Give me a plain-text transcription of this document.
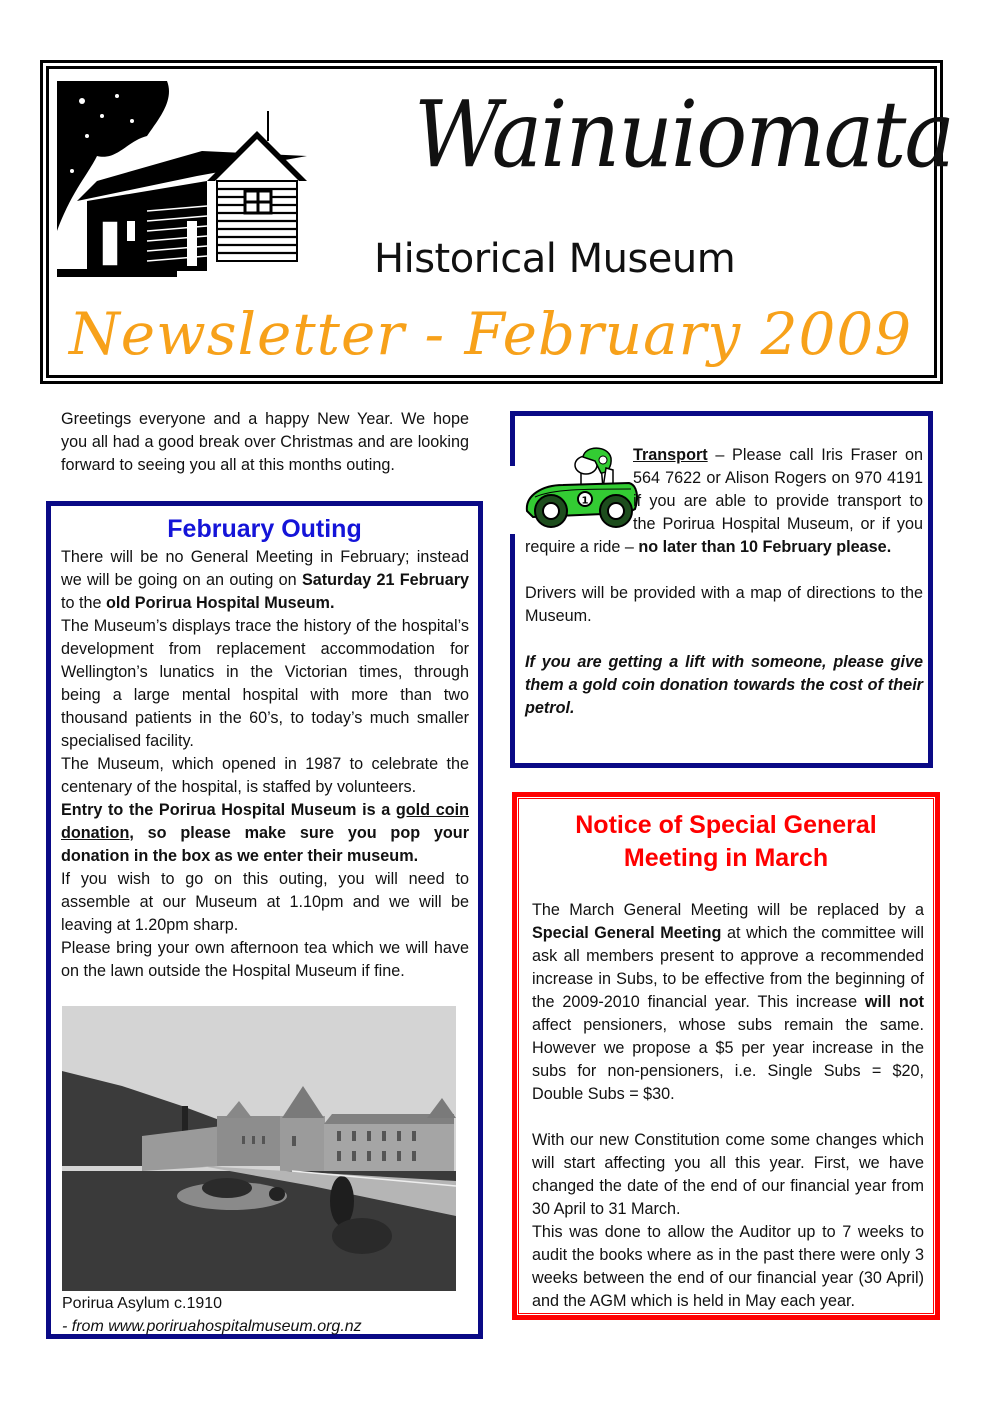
Wainuiomata
Historical Museum
Newsletter - February 2009

Greetings everyone and a happy New Year. We hope you all had a good break over Christmas and are looking forward to seeing you all at this months outing.

February Outing

There will be no General Meeting in February; instead we will be going on an outing on Saturday 21 February to the old Porirua Hospital Museum.

The Museum’s displays trace the history of the hospital’s development from replacement accommodation for Wellington’s lunatics in the Victorian times, through being a large mental hospital with more than two thousand patients in the 60’s, to today’s much smaller specialised facility.

The Museum, which opened in 1987 to celebrate the centenary of the hospital, is staffed by volunteers.

Entry to the Porirua Hospital Museum is a gold coin donation, so please make sure you pop your donation in the box as we enter their museum.

If you wish to go on this outing, you will need to assemble at our Museum at 1.10pm and we will be leaving at 1.20pm sharp.

Please bring your own afternoon tea which we will have on the lawn outside the Hospital Museum if fine.

Porirua Asylum c.1910
- from www.poriruahospitalmuseum.org.nz
1

Transport – Please call Iris Fraser on 564 7622 or Alison Rogers on 970 4191 if you are able to provide transport to the Porirua Hospital Museum, or if you require a ride – no later than 10 February please.

Drivers will be provided with a map of directions to the Museum.

If you are getting a lift with someone, please give them a gold coin donation towards the cost of their petrol.

Notice of Special General
Meeting in March

The March General Meeting will be replaced by a Special General Meeting at which the committee will ask all members present to approve a recommended increase in Subs, to be effective from the beginning of the 2009-2010 financial year. This increase will not affect pensioners, whose subs remain the same. However we propose a $5 per year increase in the subs for non-pensioners, i.e. Single Subs = $20, Double Subs = $30.

With our new Constitution come some changes which will start affecting you all this year. First, we have changed the date of the end of our financial year from 30 April to 31 March.

This was done to allow the Auditor up to 7 weeks to audit the books where as in the past there were only 3 weeks between the end of our financial year (30 April) and the AGM which is held in May each year.
